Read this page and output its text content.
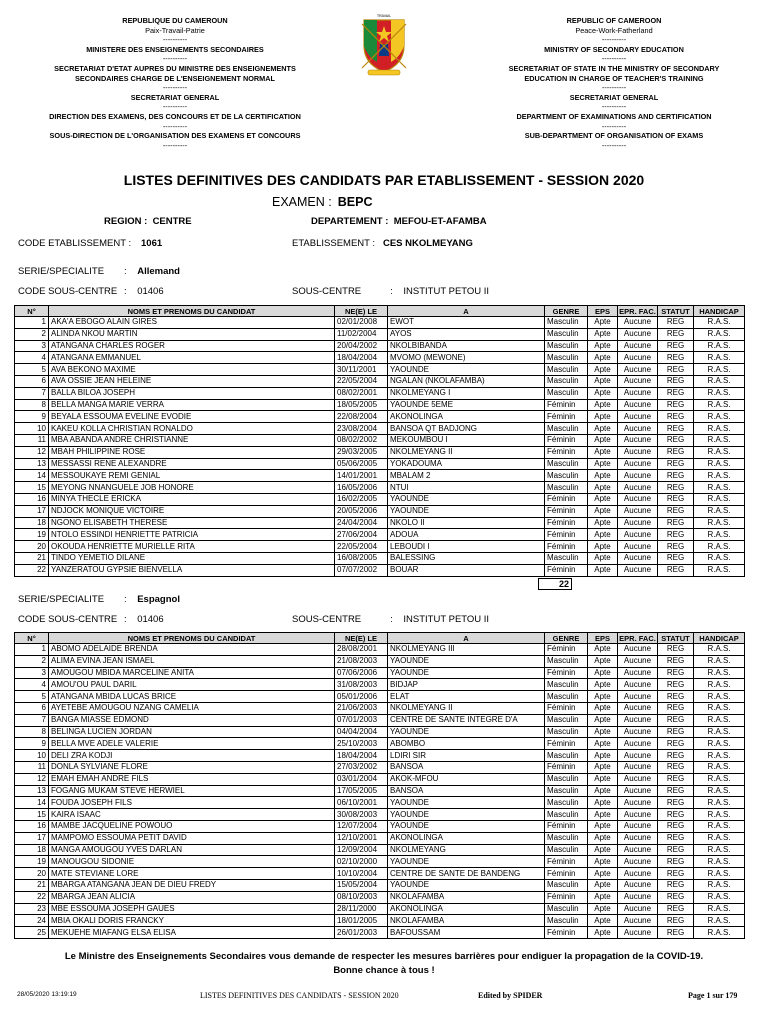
REPUBLIQUE DU CAMEROUN
Paix-Travail-Patrie
----------
MINISTERE DES ENSEIGNEMENTS SECONDAIRES
----------
SECRETARIAT D'ETAT AUPRES DU MINISTRE DES ENSEIGNEMENTS
SECONDAIRES CHARGE DE L'ENSEIGNEMENT NORMAL
----------
SECRETARIAT GENERAL
----------
DIRECTION DES EXAMENS, DES CONCOURS ET DE LA CERTIFICATION
----------
SOUS-DIRECTION DE L'ORGANISATION DES EXAMENS ET CONCOURS
----------
TRAVAIL	REPUBLIC OF CAMEROON
Peace-Work-Fatherland
----------
MINISTRY OF SECONDARY EDUCATION
----------
SECRETARIAT OF STATE IN THE MINISTRY OF SECONDARY
EDUCATION IN CHARGE OF TEACHER'S TRAINING
----------
SECRETARIAT GENERAL
----------
DEPARTMENT OF EXAMINATIONS AND CERTIFICATION
----------
SUB-DEPARTMENT OF ORGANISATION OF EXAMS
----------
LISTES DEFINITIVES DES CANDIDATS PAR ETABLISSEMENT - SESSION 2020
EXAMEN : BEPC
REGION : CENTRE	DEPARTEMENT : MEFOU-ET-AFAMBA
CODE ETABLISSEMENT : 1061	ETABLISSEMENT : CES NKOLMEYANG
SERIE/SPECIALITE :    Allemand
CODE SOUS-CENTRE :    01406	SOUS-CENTRE           :    INSTITUT PETOU II
N°	NOMS ET PRENOMS DU CANDIDAT	NE(E) LE	A	GENRE	EPS	EPR. FAC.	STATUT	HANDICAP
1	AKA'A EBOGO ALAIN GIRES	02/01/2008	EWOT	Masculin	Apte	Aucune	REG	R.A.S.
2	ALINDA NKOU MARTIN	11/02/2004	AYOS	Masculin	Apte	Aucune	REG	R.A.S.
3	ATANGANA CHARLES ROGER	20/04/2002	NKOLBIBANDA	Masculin	Apte	Aucune	REG	R.A.S.
4	ATANGANA EMMANUEL	18/04/2004	MVOMO (MEWONE)	Masculin	Apte	Aucune	REG	R.A.S.
5	AVA BEKONO MAXIME	30/11/2001	YAOUNDE	Masculin	Apte	Aucune	REG	R.A.S.
6	AVA OSSIE JEAN HELEINE	22/05/2004	NGALAN (NKOLAFAMBA)	Masculin	Apte	Aucune	REG	R.A.S.
7	BALLA BILOA JOSEPH	08/02/2001	NKOLMEYANG I	Masculin	Apte	Aucune	REG	R.A.S.
8	BELLA MANGA MARIE VERRA	18/05/2005	YAOUNDE 5EME	Féminin	Apte	Aucune	REG	R.A.S.
9	BEYALA ESSOUMA EVELINE EVODIE	22/08/2004	AKONOLINGA	Féminin	Apte	Aucune	REG	R.A.S.
10	KAKEU KOLLA CHRISTIAN RONALDO	23/08/2004	BANSOA QT BADJONG	Masculin	Apte	Aucune	REG	R.A.S.
11	MBA ABANDA ANDRE CHRISTIANNE	08/02/2002	MEKOUMBOU I	Féminin	Apte	Aucune	REG	R.A.S.
12	MBAH PHILIPPINE ROSE	29/03/2005	NKOLMEYANG II	Féminin	Apte	Aucune	REG	R.A.S.
13	MESSASSI RENE ALEXANDRE	05/06/2005	YOKADOUMA	Masculin	Apte	Aucune	REG	R.A.S.
14	MESSOUKAYE REMI GENIAL	14/01/2001	MBALAM 2	Masculin	Apte	Aucune	REG	R.A.S.
15	MEYONG NNANGUELE JOB HONORE	16/05/2006	NTUI	Masculin	Apte	Aucune	REG	R.A.S.
16	MINYA THECLE ERICKA	16/02/2005	YAOUNDE	Féminin	Apte	Aucune	REG	R.A.S.
17	NDJOCK MONIQUE VICTOIRE	20/05/2006	YAOUNDE	Féminin	Apte	Aucune	REG	R.A.S.
18	NGONO ELISABETH THERESE	24/04/2004	NKOLO II	Féminin	Apte	Aucune	REG	R.A.S.
19	NTOLO ESSINDI HENRIETTE PATRICIA	27/06/2004	ADOUA	Féminin	Apte	Aucune	REG	R.A.S.
20	OKOUDA HENRIETTE MURIELLE RITA	22/05/2004	LEBOUDI I	Féminin	Apte	Aucune	REG	R.A.S.
21	TINDO YEMETIO DILANE	16/08/2005	BALESSING	Masculin	Apte	Aucune	REG	R.A.S.
22	YANZERATOU GYPSIE BIENVELLA	07/07/2002	BOUAR	Féminin	Apte	Aucune	REG	R.A.S.
22
SERIE/SPECIALITE :    Espagnol
CODE SOUS-CENTRE :    01406	SOUS-CENTRE           :    INSTITUT PETOU II
N°	NOMS ET PRENOMS DU CANDIDAT	NE(E) LE	A	GENRE	EPS	EPR. FAC.	STATUT	HANDICAP
1	ABOMO ADELAIDE BRENDA	28/08/2001	NKOLMEYANG III	Féminin	Apte	Aucune	REG	R.A.S.
2	ALIMA EVINA JEAN ISMAEL	21/08/2003	YAOUNDE	Masculin	Apte	Aucune	REG	R.A.S.
3	AMOUGOU MBIDA MARCELINE ANITA	07/06/2006	YAOUNDE	Féminin	Apte	Aucune	REG	R.A.S.
4	AMOU'OU PAUL DARIL	31/08/2003	BIDJAP	Masculin	Apte	Aucune	REG	R.A.S.
5	ATANGANA MBIDA LUCAS BRICE	05/01/2006	ELAT	Masculin	Apte	Aucune	REG	R.A.S.
6	AYETEBE AMOUGOU NZANG CAMELIA	21/06/2003	NKOLMEYANG II	Féminin	Apte	Aucune	REG	R.A.S.
7	BANGA MIASSE EDMOND	07/01/2003	CENTRE DE SANTE INTEGRE D'A	Masculin	Apte	Aucune	REG	R.A.S.
8	BELINGA LUCIEN JORDAN	04/04/2004	YAOUNDE	Masculin	Apte	Aucune	REG	R.A.S.
9	BELLA MVE ADELE VALERIE	25/10/2003	ABOMBO	Féminin	Apte	Aucune	REG	R.A.S.
10	DELI ZRA KODJI	18/04/2004	LDIRI SIR	Masculin	Apte	Aucune	REG	R.A.S.
11	DONLA SYLVIANE FLORE	27/03/2002	BANSOA	Féminin	Apte	Aucune	REG	R.A.S.
12	EMAH EMAH ANDRE FILS	03/01/2004	AKOK-MFOU	Masculin	Apte	Aucune	REG	R.A.S.
13	FOGANG MUKAM STEVE HERWIEL	17/05/2005	BANSOA	Masculin	Apte	Aucune	REG	R.A.S.
14	FOUDA JOSEPH FILS	06/10/2001	YAOUNDE	Masculin	Apte	Aucune	REG	R.A.S.
15	KAIRA ISAAC	30/08/2003	YAOUNDE	Masculin	Apte	Aucune	REG	R.A.S.
16	MAMBE JACQUELINE POWOUO	12/07/2004	YAOUNDE	Féminin	Apte	Aucune	REG	R.A.S.
17	MAMPOMO ESSOUMA PETIT DAVID	12/10/2001	AKONOLINGA	Masculin	Apte	Aucune	REG	R.A.S.
18	MANGA AMOUGOU YVES DARLAN	12/09/2004	NKOLMEYANG	Masculin	Apte	Aucune	REG	R.A.S.
19	MANOUGOU SIDONIE	02/10/2000	YAOUNDE	Féminin	Apte	Aucune	REG	R.A.S.
20	MATE STEVIANE LORE	10/10/2004	CENTRE DE SANTE DE BANDENG	Féminin	Apte	Aucune	REG	R.A.S.
21	MBARGA ATANGANA JEAN DE DIEU FREDY	15/05/2004	YAOUNDE	Masculin	Apte	Aucune	REG	R.A.S.
22	MBARGA JEAN ALICIA	08/10/2003	NKOLAFAMBA	Féminin	Apte	Aucune	REG	R.A.S.
23	MBE ESSOUMA JOSEPH GAUES	28/11/2000	AKONOLINGA	Masculin	Apte	Aucune	REG	R.A.S.
24	MBIA OKALI DORIS FRANCKY	18/01/2005	NKOLAFAMBA	Masculin	Apte	Aucune	REG	R.A.S.
25	MEKUEHE MIAFANG ELSA ELISA	26/01/2003	BAFOUSSAM	Féminin	Apte	Aucune	REG	R.A.S.
Le Ministre des Enseignements Secondaires vous demande de respecter les mesures barrières pour endiguer la propagation de la COVID-19.
Bonne chance à tous !
28/05/2020 13:19:19	LISTES DEFINITIVES DES CANDIDATS - SESSION 2020	Edited by SPIDER	Page 1 sur 179
